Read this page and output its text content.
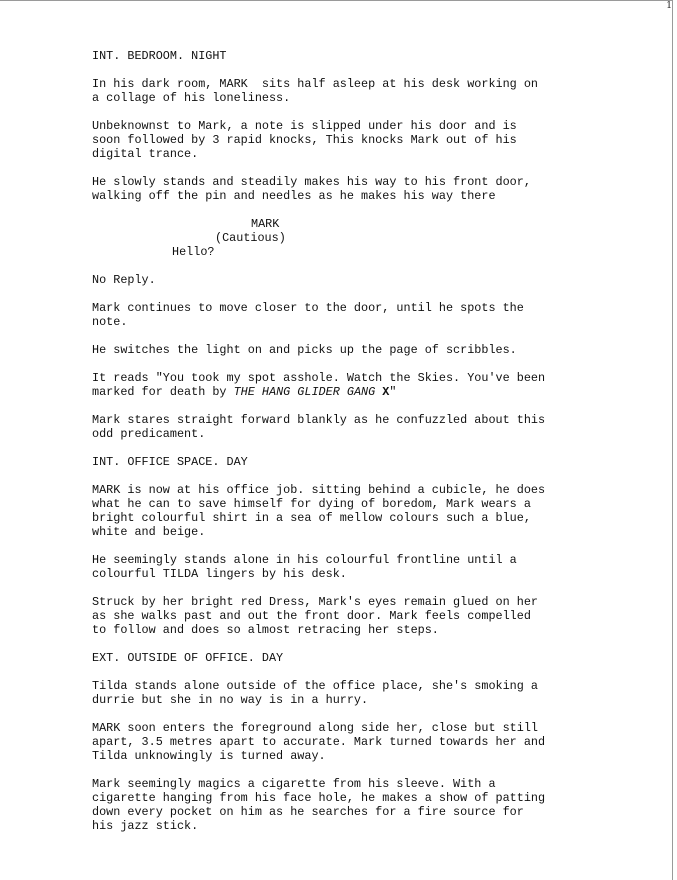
1
INT. BEDROOM. NIGHT
In his dark room, MARK  sits half asleep at his desk working on
a collage of his loneliness.
Unbeknownst to Mark, a note is slipped under his door and is
soon followed by 3 rapid knocks, This knocks Mark out of his
digital trance.
He slowly stands and steadily makes his way to his front door,
walking off the pin and needles as he makes his way there
MARK
(Cautious)
Hello?
No Reply.
Mark continues to move closer to the door, until he spots the
note.
He switches the light on and picks up the page of scribbles.
It reads "You took my spot asshole. Watch the Skies. You've been
marked for death by THE HANG GLIDER GANG X"
Mark stares straight forward blankly as he confuzzled about this
odd predicament.
INT. OFFICE SPACE. DAY
MARK is now at his office job. sitting behind a cubicle, he does
what he can to save himself for dying of boredom, Mark wears a
bright colourful shirt in a sea of mellow colours such a blue,
white and beige.
He seemingly stands alone in his colourful frontline until a
colourful TILDA lingers by his desk.
Struck by her bright red Dress, Mark's eyes remain glued on her
as she walks past and out the front door. Mark feels compelled
to follow and does so almost retracing her steps.
EXT. OUTSIDE OF OFFICE. DAY
Tilda stands alone outside of the office place, she's smoking a
durrie but she in no way is in a hurry.
MARK soon enters the foreground along side her, close but still
apart, 3.5 metres apart to accurate. Mark turned towards her and
Tilda unknowingly is turned away.
Mark seemingly magics a cigarette from his sleeve. With a
cigarette hanging from his face hole, he makes a show of patting
down every pocket on him as he searches for a fire source for
his jazz stick.
